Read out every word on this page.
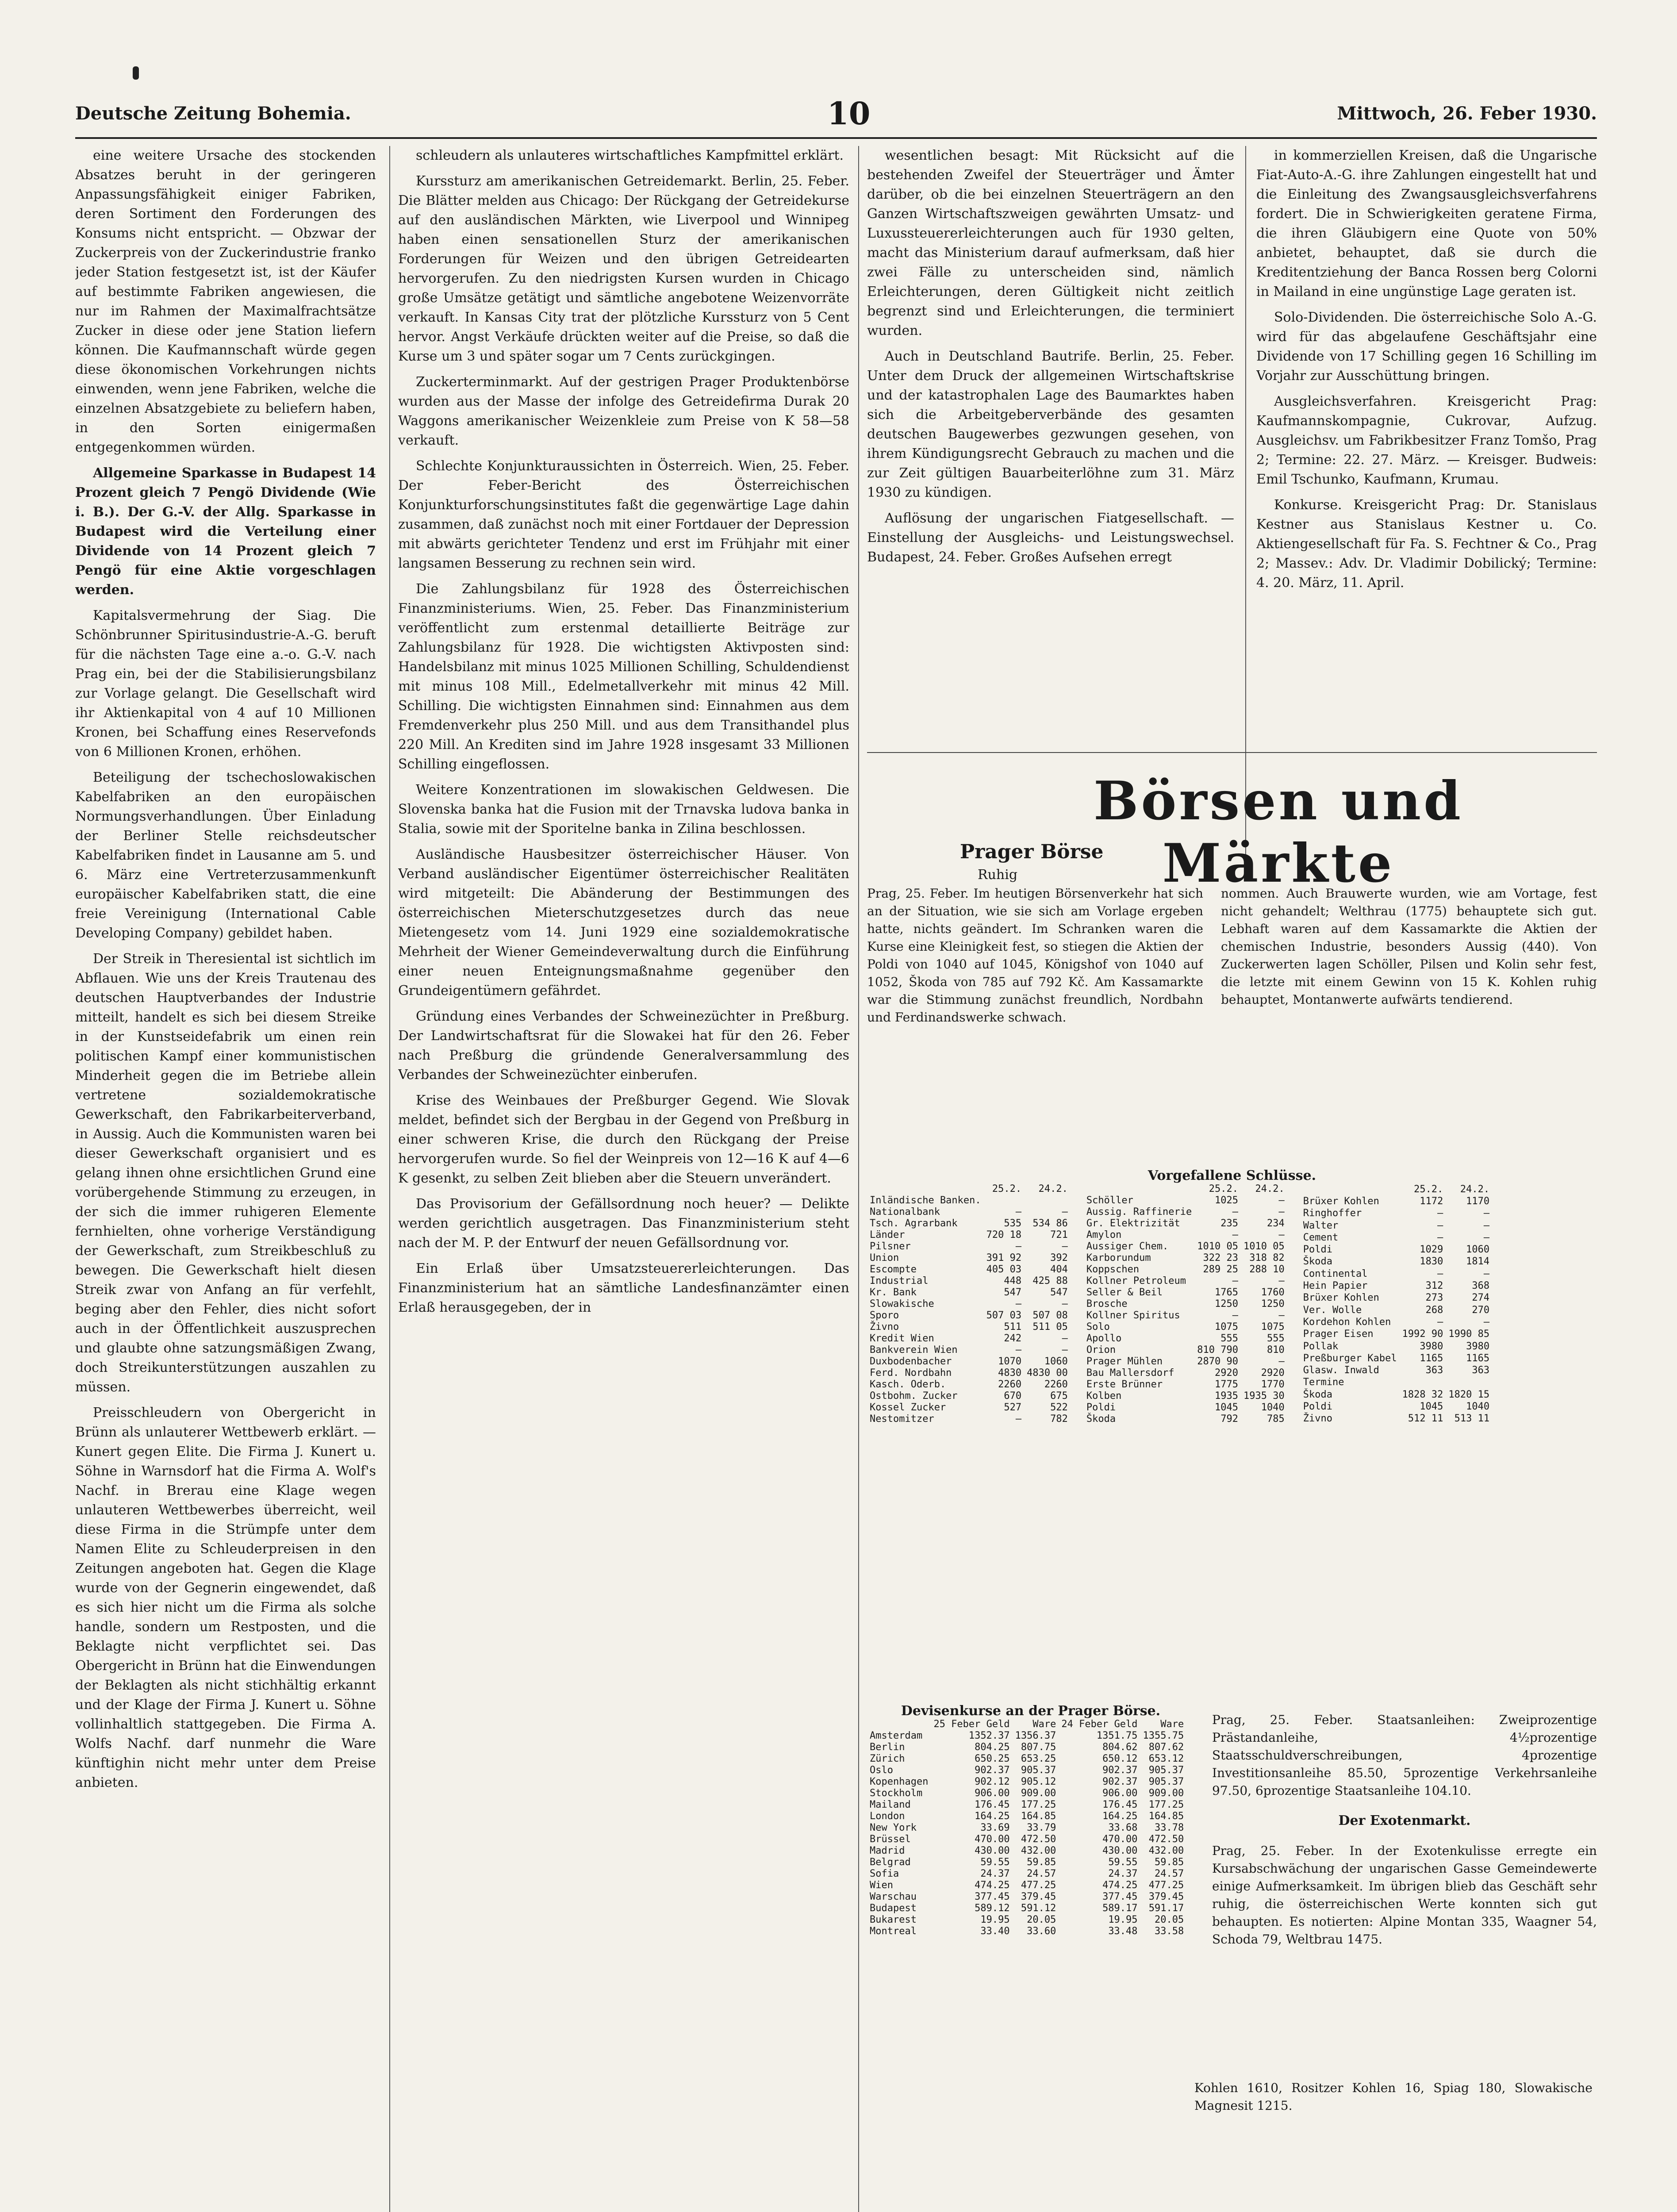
Deutsche Zeitung Bohemia.	10	Mittwoch, 26. Feber 1930.

eine weitere Ursache des stockenden Absatzes beruht in der geringeren Anpassungsfähigkeit einiger Fabriken, deren Sortiment den Forderungen des Konsums nicht entspricht. — Obzwar der Zuckerpreis von der Zuckerindustrie franko jeder Station festgesetzt ist, ist der Käufer auf bestimmte Fabriken angewiesen, die nur im Rahmen der Maximalfrachtsätze Zucker in diese oder jene Station liefern können. Die Kaufmannschaft würde gegen diese ökonomischen Vorkehrungen nichts einwenden, wenn jene Fabriken, welche die einzelnen Absatzgebiete zu beliefern haben, in den Sorten einigermaßen entgegenkommen würden.

Allgemeine Sparkasse in Budapest 14 Prozent gleich 7 Pengö Dividende (Wie i. B.). Der G.-V. der Allg. Sparkasse in Budapest wird die Verteilung einer Dividende von 14 Prozent gleich 7 Pengö für eine Aktie vorgeschlagen werden.

Kapitalsvermehrung der Siag. Die Schönbrunner Spiritusindustrie-A.-G. beruft für die nächsten Tage eine a.-o. G.-V. nach Prag ein, bei der die Stabilisierungsbilanz zur Vorlage gelangt. Die Gesellschaft wird ihr Aktienkapital von 4 auf 10 Millionen Kronen, bei Schaffung eines Reservefonds von 6 Millionen Kronen, erhöhen.

Beteiligung der tschechoslowakischen Kabelfabriken an den europäischen Normungsverhandlungen. Über Einladung der Berliner Stelle reichsdeutscher Kabelfabriken findet in Lausanne am 5. und 6. März eine Vertreterzusammenkunft europäischer Kabelfabriken statt, die eine freie Vereinigung (International Cable Developing Company) gebildet haben.

Der Streik in Theresiental ist sichtlich im Abflauen. Wie uns der Kreis Trautenau des deutschen Hauptverbandes der Industrie mitteilt, handelt es sich bei diesem Streike in der Kunstseidefabrik um einen rein politischen Kampf einer kommunistischen Minderheit gegen die im Betriebe allein vertretene sozialdemokratische Gewerkschaft, den Fabrikarbeiterverband, in Aussig. Auch die Kommunisten waren bei dieser Gewerkschaft organisiert und es gelang ihnen ohne ersichtlichen Grund eine vorübergehende Stimmung zu erzeugen, in der sich die immer ruhigeren Elemente fernhielten, ohne vorherige Verständigung der Gewerkschaft, zum Streikbeschluß zu bewegen. Die Gewerkschaft hielt diesen Streik zwar von Anfang an für verfehlt, beging aber den Fehler, dies nicht sofort auch in der Öffentlichkeit auszusprechen und glaubte ohne satzungsmäßigen Zwang, doch Streikunterstützungen auszahlen zu müssen.

Preisschleudern von Obergericht in Brünn als unlauterer Wettbewerb erklärt. — Kunert gegen Elite. Die Firma J. Kunert u. Söhne in Warnsdorf hat die Firma A. Wolf's Nachf. in Brerau eine Klage wegen unlauteren Wettbewerbes überreicht, weil diese Firma in die Strümpfe unter dem Namen Elite zu Schleuderpreisen in den Zeitungen angeboten hat. Gegen die Klage wurde von der Gegnerin eingewendet, daß es sich hier nicht um die Firma als solche handle, sondern um Restposten, und die Beklagte nicht verpflichtet sei. Das Obergericht in Brünn hat die Einwendungen der Beklagten als nicht stichhältig erkannt und der Klage der Firma J. Kunert u. Söhne vollinhaltlich stattgegeben. Die Firma A. Wolfs Nachf. darf nunmehr die Ware künftighin nicht mehr unter dem Preise anbieten.

schleudern als unlauteres wirtschaftliches Kampfmittel erklärt.

Kurssturz am amerikanischen Getreidemarkt. Berlin, 25. Feber. Die Blätter melden aus Chicago: Der Rückgang der Getreidekurse auf den ausländischen Märkten, wie Liverpool und Winnipeg haben einen sensationellen Sturz der amerikanischen Forderungen für Weizen und den übrigen Getreidearten hervorgerufen. Zu den niedrigsten Kursen wurden in Chicago große Umsätze getätigt und sämtliche angebotene Weizenvorräte verkauft. In Kansas City trat der plötzliche Kurssturz von 5 Cent hervor. Angst Verkäufe drückten weiter auf die Preise, so daß die Kurse um 3 und später sogar um 7 Cents zurückgingen.

Zuckerterminmarkt. Auf der gestrigen Prager Produktenbörse wurden aus der Masse der infolge des Getreidefirma Durak 20 Waggons amerikanischer Weizenkleie zum Preise von K 58—58 verkauft.

Schlechte Konjunkturaussichten in Österreich. Wien, 25. Feber. Der Feber-Bericht des Österreichischen Konjunkturforschungsinstitutes faßt die gegenwärtige Lage dahin zusammen, daß zunächst noch mit einer Fortdauer der Depression mit abwärts gerichteter Tendenz und erst im Frühjahr mit einer langsamen Besserung zu rechnen sein wird.

Die Zahlungsbilanz für 1928 des Österreichischen Finanzministeriums. Wien, 25. Feber. Das Finanzministerium veröffentlicht zum erstenmal detaillierte Beiträge zur Zahlungsbilanz für 1928. Die wichtigsten Aktivposten sind: Handelsbilanz mit minus 1025 Millionen Schilling, Schuldendienst mit minus 108 Mill., Edelmetallverkehr mit minus 42 Mill. Schilling. Die wichtigsten Einnahmen sind: Einnahmen aus dem Fremdenverkehr plus 250 Mill. und aus dem Transithandel plus 220 Mill. An Krediten sind im Jahre 1928 insgesamt 33 Millionen Schilling eingeflossen.

Weitere Konzentrationen im slowakischen Geldwesen. Die Slovenska banka hat die Fusion mit der Trnavska ludova banka in Stalia, sowie mit der Sporitelne banka in Zilina beschlossen.

Ausländische Hausbesitzer österreichischer Häuser. Von Verband ausländischer Eigentümer österreichischer Realitäten wird mitgeteilt: Die Abänderung der Bestimmungen des österreichischen Mieterschutzgesetzes durch das neue Mietengesetz vom 14. Juni 1929 eine sozialdemokratische Mehrheit der Wiener Gemeindeverwaltung durch die Einführung einer neuen Enteignungsmaßnahme gegenüber den Grundeigentümern gefährdet.

Gründung eines Verbandes der Schweinezüchter in Preßburg. Der Landwirtschaftsrat für die Slowakei hat für den 26. Feber nach Preßburg die gründende Generalversammlung des Verbandes der Schweinezüchter einberufen.

Krise des Weinbaues der Preßburger Gegend. Wie Slovak meldet, befindet sich der Bergbau in der Gegend von Preßburg in einer schweren Krise, die durch den Rückgang der Preise hervorgerufen wurde. So fiel der Weinpreis von 12—16 K auf 4—6 K gesenkt, zu selben Zeit blieben aber die Steuern unverändert.

Das Provisorium der Gefällsordnung noch heuer? — Delikte werden gerichtlich ausgetragen. Das Finanzministerium steht nach der M. P. der Entwurf der neuen Gefällsordnung vor.

Ein Erlaß über Umsatzsteuererleichterungen. Das Finanzministerium hat an sämtliche Landesfinanzämter einen Erlaß herausgegeben, der in

wesentlichen besagt: Mit Rücksicht auf die bestehenden Zweifel der Steuerträger und Ämter darüber, ob die bei einzelnen Steuerträgern an den Ganzen Wirtschaftszweigen gewährten Umsatz- und Luxussteuererleichterungen auch für 1930 gelten, macht das Ministerium darauf aufmerksam, daß hier zwei Fälle zu unterscheiden sind, nämlich Erleichterungen, deren Gültigkeit nicht zeitlich begrenzt sind und Erleichterungen, die terminiert wurden.

Auch in Deutschland Bautrife. Berlin, 25. Feber. Unter dem Druck der allgemeinen Wirtschaftskrise und der katastrophalen Lage des Baumarktes haben sich die Arbeitgeberverbände des gesamten deutschen Baugewerbes gezwungen gesehen, von ihrem Kündigungsrecht Gebrauch zu machen und die zur Zeit gültigen Bauarbeiterlöhne zum 31. März 1930 zu kündigen.

Auflösung der ungarischen Fiatgesellschaft. — Einstellung der Ausgleichs- und Leistungswechsel. Budapest, 24. Feber. Großes Aufsehen erregt

in kommerziellen Kreisen, daß die Ungarische Fiat-Auto-A.-G. ihre Zahlungen eingestellt hat und die Einleitung des Zwangsausgleichsverfahrens fordert. Die in Schwierigkeiten geratene Firma, die ihren Gläubigern eine Quote von 50% anbietet, behauptet, daß sie durch die Kreditentziehung der Banca Rossen berg Colorni in Mailand in eine ungünstige Lage geraten ist.

Solo-Dividenden. Die österreichische Solo A.-G. wird für das abgelaufene Geschäftsjahr eine Dividende von 17 Schilling gegen 16 Schilling im Vorjahr zur Ausschüttung bringen.

Ausgleichsverfahren. Kreisgericht Prag: Kaufmannskompagnie, Cukrovar, Aufzug. Ausgleichsv. um Fabrikbesitzer Franz Tomšo, Prag 2; Termine: 22. 27. März. — Kreisger. Budweis: Emil Tschunko, Kaufmann, Krumau.

Konkurse. Kreisgericht Prag: Dr. Stanislaus Kestner aus Stanislaus Kestner u. Co. Aktiengesellschaft für Fa. S. Fechtner & Co., Prag 2; Massev.: Adv. Dr. Vladimir Dobilický; Termine: 4. 20. März, 11. April.

Börsen und Märkte
Prager Börse
Ruhig
Prag, 25. Feber. Im heutigen Börsenverkehr hat sich an der Situation, wie sie sich am Vorlage ergeben hatte, nichts geändert. Im Schranken waren die Kurse eine Kleinigkeit fest, so stiegen die Aktien der Poldi von 1040 auf 1045, Königshof von 1040 auf 1052, Škoda von 785 auf 792 Kč. Am Kassamarkte war die Stimmung zunächst freundlich, Nordbahn und Ferdinandswerke schwach.
nommen. Auch Brauwerte wurden, wie am Vortage, fest nicht gehandelt; Welthrau (1775) behauptete sich gut. Lebhaft waren auf dem Kassamarkte die Aktien der chemischen Industrie, besonders Aussig (440). Von Zuckerwerten lagen Schöller, Pilsen und Kolin sehr fest, die letzte mit einem Gewinn von 15 K. Kohlen ruhig behauptet, Montanwerte aufwärts tendierend.
Vorgefallene Schlüsse.
	25.2.	24.2.
Inländische Banken.		
Nationalbank	—	—
Tsch. Agrarbank	535	534 86
Länder	720 18	721
Pilsner	—	—
Union	391 92	392
Escompte	405 03	404
Industrial	448	425 88
Kr. Bank	547	547
Slowakische	—	—
Sporo	507 03	507 08
Živno	511	511 05
Kredit Wien	242	—
Bankverein Wien	—	—
Duxbodenbacher	1070	1060
Ferd. Nordbahn	4830	4830 00
Kasch. Oderb.	2260	2260
Ostbohm. Zucker	670	675
Kossel Zucker	527	522
Nestomitzer	—	782
	25.2.	24.2.
Schöller	1025	—
Aussig. Raffinerie	—	—
Gr. Elektrizität	235	234
Amylon	—	—
Aussiger Chem.	1010 05	1010 05
Karborundum	322 23	318 82
Koppschen	289 25	288 10
Kollner Petroleum	—	—
Seller & Beil	1765	1760
Brosche	1250	1250
Kollner Spiritus	—	—
Solo	1075	1075
Apollo	555	555
Orion	810 790	810
Prager Mühlen	2870 90	—
Bau Mallersdorf	2920	2920
Erste Brünner	1775	1770
Kolben	1935	1935 30
Poldi	1045	1040
Škoda	792	785
	25.2.	24.2.
Brüxer Kohlen	1172	1170
Ringhoffer	—	—
Walter	—	—
Cement	—	—
Poldi	1029	1060
Škoda	1830	1814
Continental	—	—
Hein Papier	312	368
Brüxer Kohlen	273	274
Ver. Wolle	268	270
Kordehon Kohlen	—	—
Prager Eisen	1992 90	1990 85
Pollak	3980	3980
Preßburger Kabel	1165	1165
Glasw. Inwald	363	363
Termine		
Škoda	1828 32	1820 15
Poldi	1045	1040
Živno	512 11	513 11
Devisenkurse an der Prager Börse.
	25 Feber Geld	Ware	24 Feber Geld	Ware
Amsterdam	1352.37	1356.37	1351.75	1355.75
Berlin	804.25	807.75	804.62	807.62
Zürich	650.25	653.25	650.12	653.12
Oslo	902.37	905.37	902.37	905.37
Kopenhagen	902.12	905.12	902.37	905.37
Stockholm	906.00	909.00	906.00	909.00
Mailand	176.45	177.25	176.45	177.25
London	164.25	164.85	164.25	164.85
New York	33.69	33.79	33.68	33.78
Brüssel	470.00	472.50	470.00	472.50
Madrid	430.00	432.00	430.00	432.00
Belgrad	59.55	59.85	59.55	59.85
Sofia	24.37	24.57	24.37	24.57
Wien	474.25	477.25	474.25	477.25
Warschau	377.45	379.45	377.45	379.45
Budapest	589.12	591.12	589.17	591.17
Bukarest	19.95	20.05	19.95	20.05
Montreal	33.40	33.60	33.48	33.58

Prag, 25. Feber. Staatsanleihen: Zweiprozentige Prästandanleihe, 4½prozentige Staatsschuldverschreibungen, 4prozentige Investitionsanleihe 85.50, 5prozentige Verkehrsanleihe 97.50, 6prozentige Staatsanleihe 104.10.

Der Exotenmarkt.

Prag, 25. Feber. In der Exotenkulisse erregte ein Kursabschwächung der ungarischen Gasse Gemeindewerte einige Aufmerksamkeit. Im übrigen blieb das Geschäft sehr ruhig, die österreichischen Werte konnten sich gut behaupten. Es notierten: Alpine Montan 335, Waagner 54, Schoda 79, Weltbrau 1475.

Kohlen 1610, Rositzer Kohlen 16, Spiag 180, Slowakische Magnesit 1215.
